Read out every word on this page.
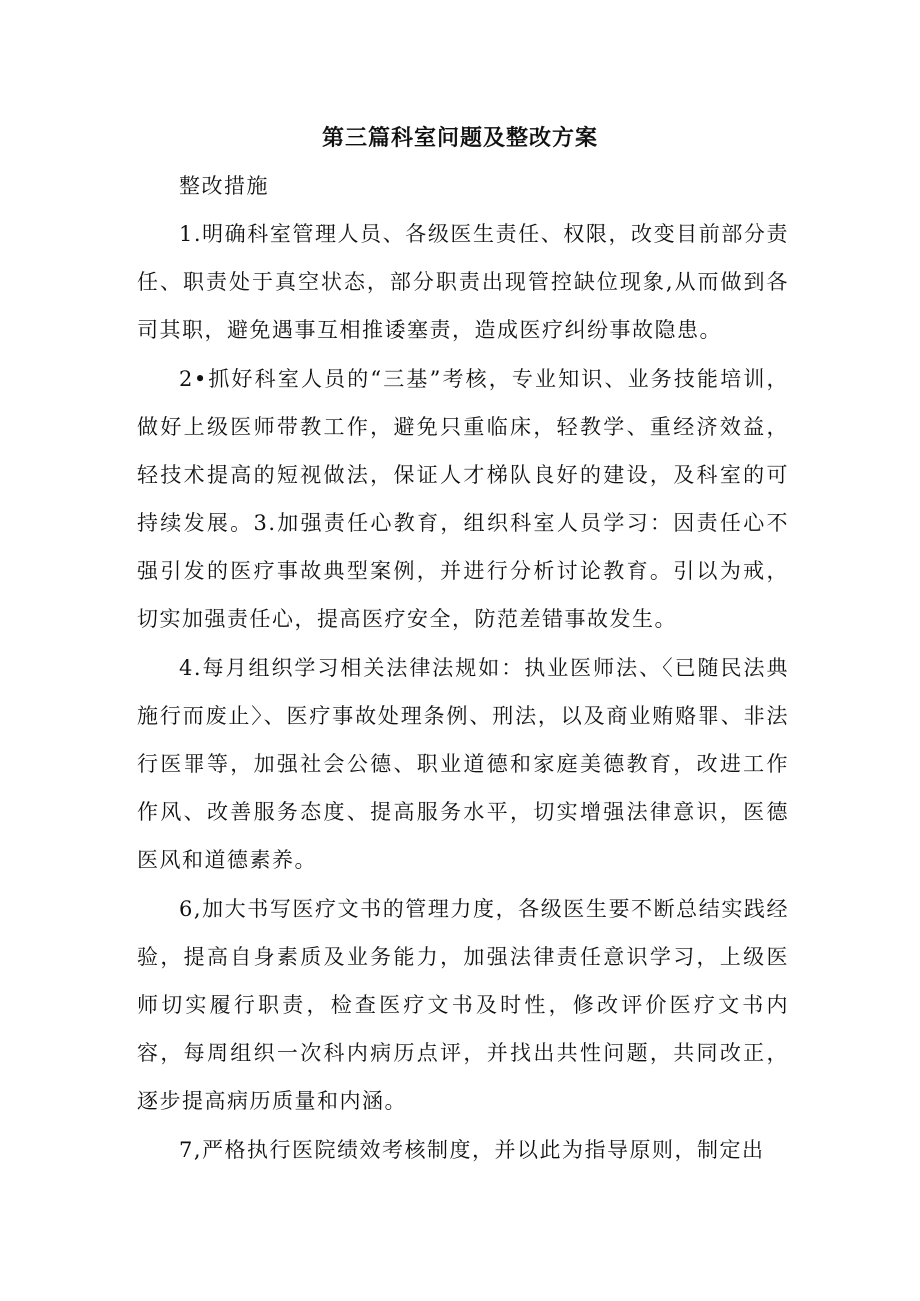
第三篇科室问题及整改方案

整改措施

1.明确科室管理人员、各级医生责任、权限，改变目前部分责任、职责处于真空状态，部分职责出现管控缺位现象,从而做到各司其职，避免遇事互相推诿塞责，造成医疗纠纷事故隐患。

2•抓好科室人员的“三基”考核，专业知识、业务技能培训，做好上级医师带教工作，避免只重临床，轻教学、重经济效益，轻技术提高的短视做法，保证人才梯队良好的建设，及科室的可持续发展。3.加强责任心教育，组织科室人员学习：因责任心不强引发的医疗事故典型案例，并进行分析讨论教育。引以为戒，切实加强责任心，提高医疗安全，防范差错事故发生。

4.每月组织学习相关法律法规如：执业医师法、〈已随民法典施行而废止〉、医疗事故处理条例、刑法，以及商业贿赂罪、非法行医罪等，加强社会公德、职业道德和家庭美德教育，改进工作作风、改善服务态度、提高服务水平，切实增强法律意识，医德医风和道德素养。

6,加大书写医疗文书的管理力度，各级医生要不断总结实践经验，提高自身素质及业务能力，加强法律责任意识学习，上级医师切实履行职责，检查医疗文书及时性，修改评价医疗文书内容，每周组织一次科内病历点评，并找出共性问题，共同改正，逐步提高病历质量和内涵。

7,严格执行医院绩效考核制度，并以此为指导原则，制定出
